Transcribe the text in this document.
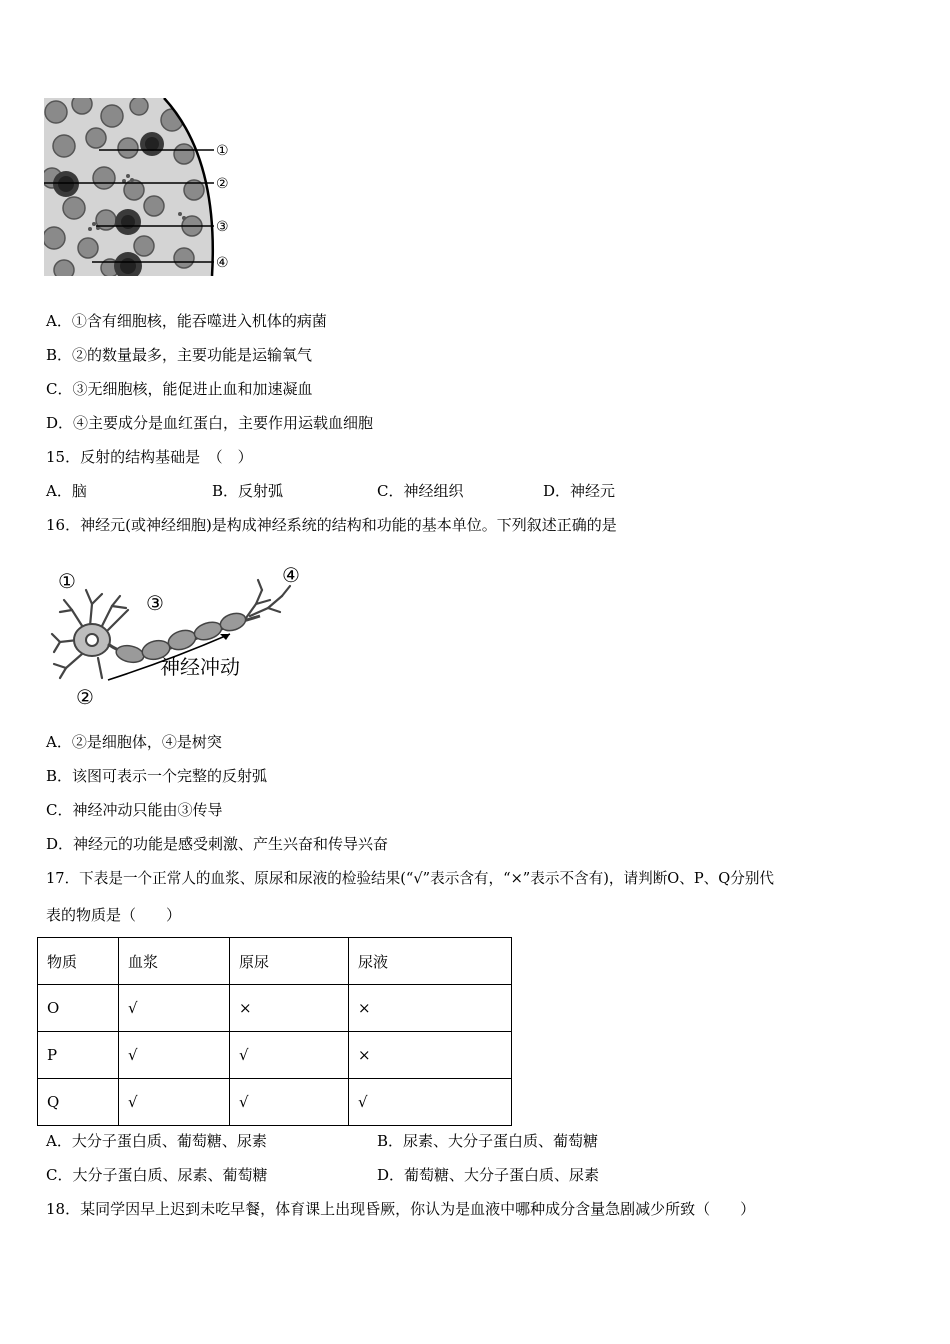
①
②
③
④
A．①含有细胞核，能吞噬进入机体的病菌
B．②的数量最多，主要功能是运输氧气
C．③无细胞核，能促进止血和加速凝血
D．④主要成分是血红蛋白，主要作用运载血细胞
15．反射的结构基础是　（　）
A．脑	B．反射弧	C．神经组织	D．神经元
16．神经元(或神经细胞)是构成神经系统的结构和功能的基本单位。下列叙述正确的是
①
②
③
④
神经冲动
A．②是细胞体，④是树突
B．该图可表示一个完整的反射弧
C．神经冲动只能由③传导
D．神经元的功能是感受刺激、产生兴奋和传导兴奋
17．下表是一个正常人的血浆、原尿和尿液的检验结果(“√”表示含有，“×”表示不含有)，请判断O、P、Q分别代
表的物质是（　　）
物质	血浆	原尿	尿液
O	√	×	×
P	√	√	×
Q	√	√	√
A．大分子蛋白质、葡萄糖、尿素	B．尿素、大分子蛋白质、葡萄糖
C．大分子蛋白质、尿素、葡萄糖	D．葡萄糖、大分子蛋白质、尿素
18．某同学因早上迟到未吃早餐，体育课上出现昏厥，你认为是血液中哪种成分含量急剧减少所致（　　）
